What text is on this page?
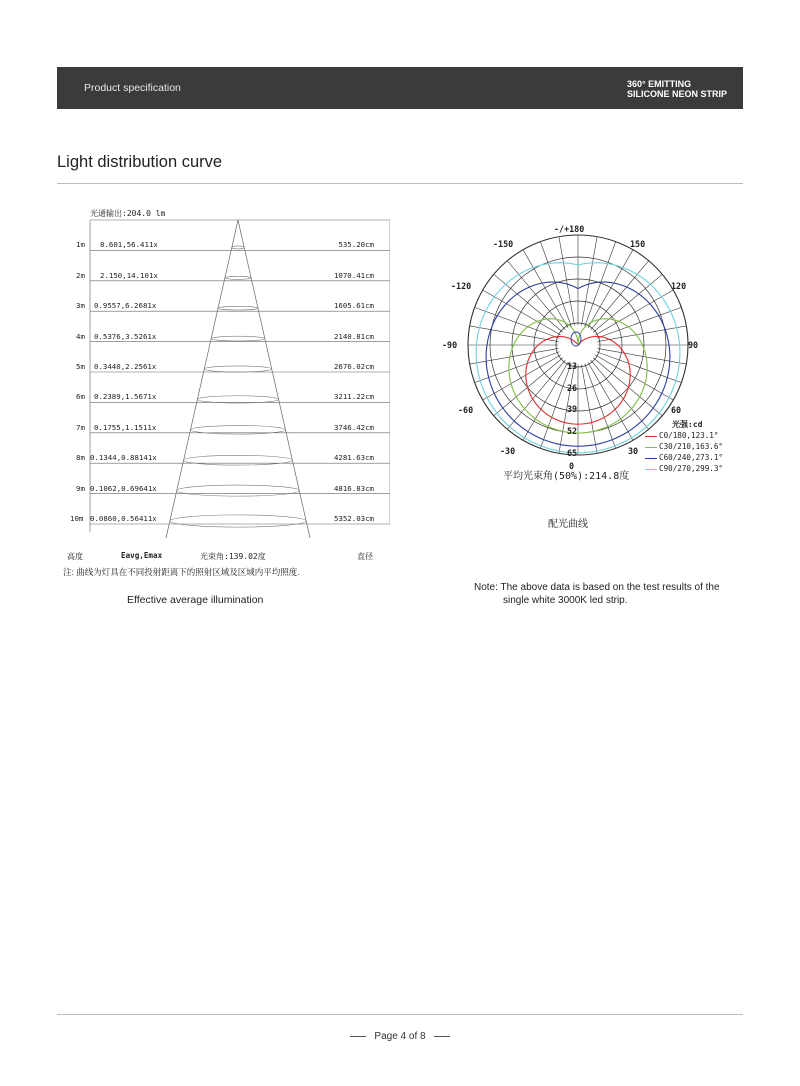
Product specification	360° EMITTING
SILICONE NEON STRIP
Light distribution curve
光通输出:204.0 lm
1m 8.601,56.411x	535.20cm
2m 2.150,14.101x	1070.41cm
3m 0.9557,6.2681x	1605.61cm
4m 0.5376,3.5261x	2140.81cm
5m 0.3440,2.2561x	2676.02cm
6m 0.2389,1.5671x	3211.22cm
7m 0.1755,1.1511x	3746.42cm
8m 0.1344,0.88141x	4281.63cm
9m 0.1062,0.69641x	4816.83cm
10m 0.0860,0.56411x	5352.03cm
高度	Eavg,Emax	光束角:139.02度	直径
注: 曲线为灯具在不同投射距离下的照射区域及区域内平均照度.
Effective average illumination
-/+180
-150	150
-120	120
-90	90
-60	60
-30	30
0
13
26
39
52
65
光强:cd
C0/180,123.1°
C30/210,163.6°
C60/240,273.1°
C90/270,299.3°
平均光束角(50%):214.8度
配光曲线
Note: The above data is based on the test results of the
single white 3000K led strip.
Page 4 of 8
